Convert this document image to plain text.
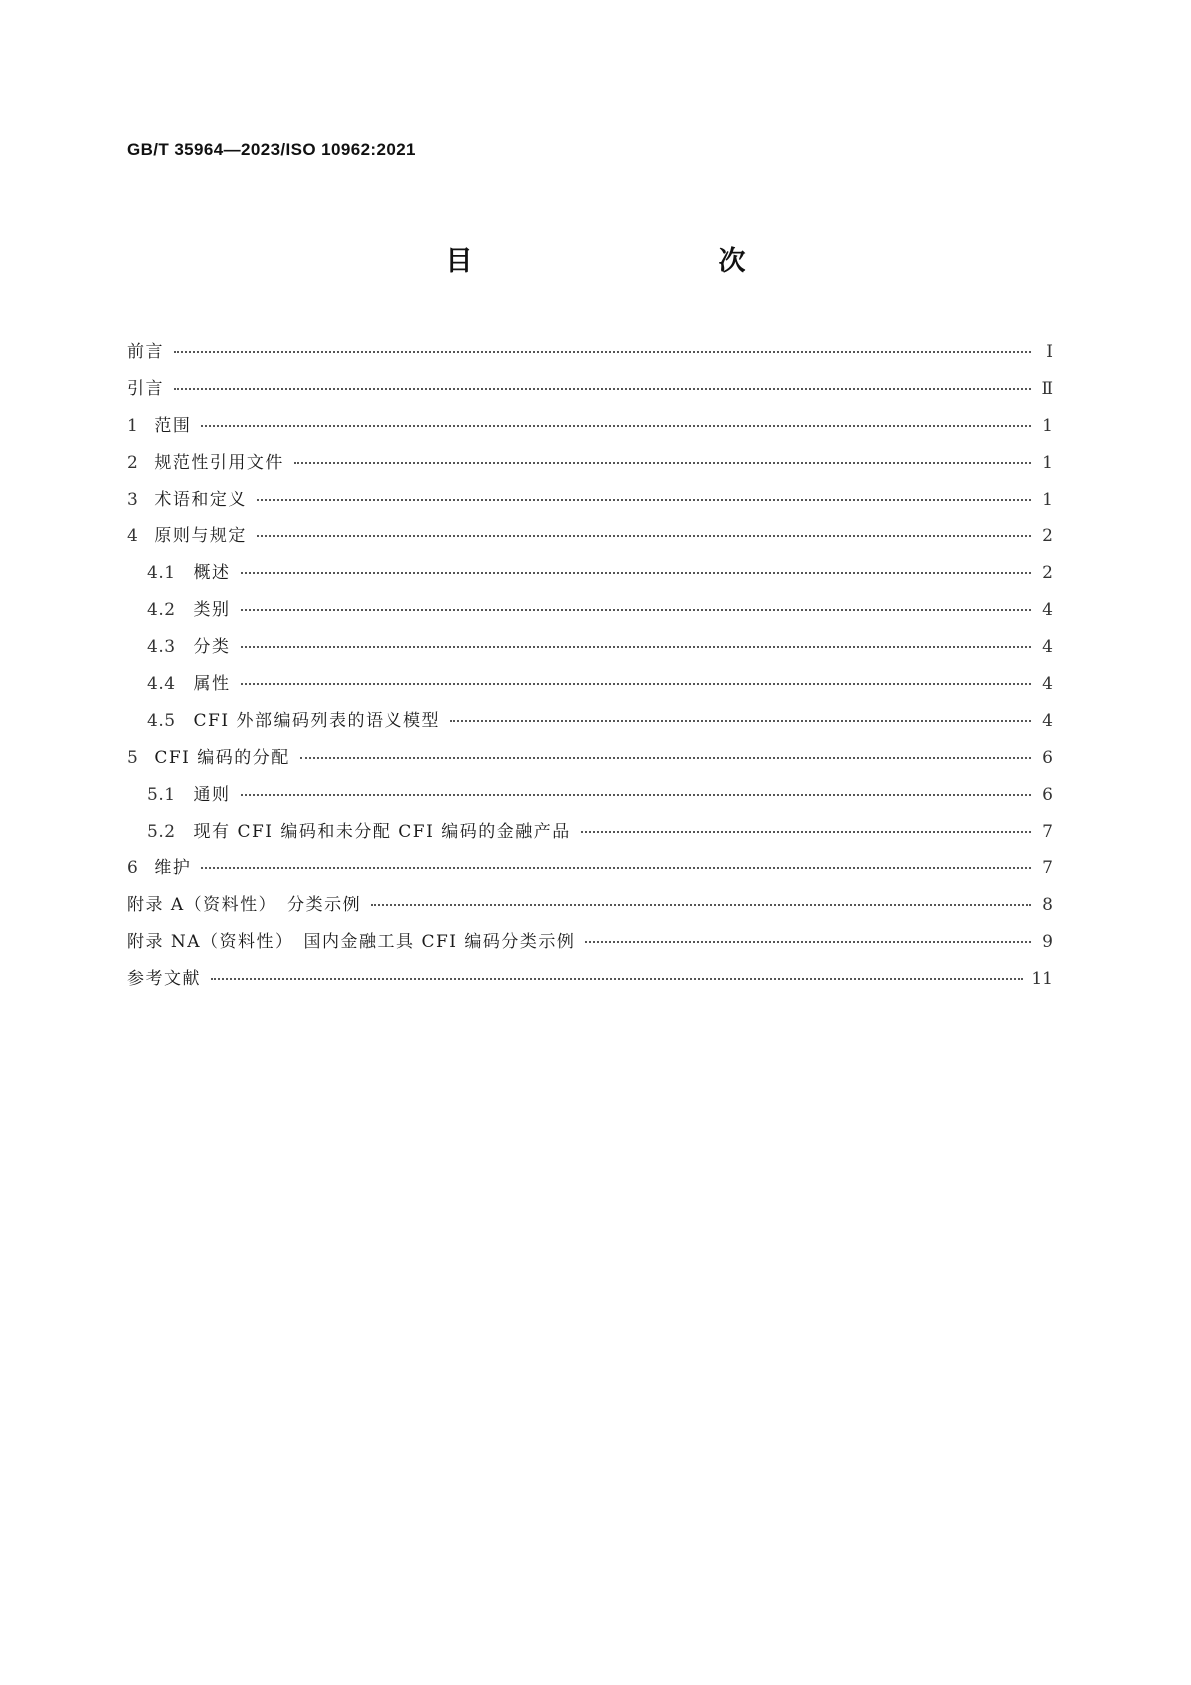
GB/T 35964—2023/ISO 10962:2021

目　　次
前言	Ⅰ
引言	Ⅱ
1 范围	1
2 规范性引用文件	1
3 术语和定义	1
4 原则与规定	2
4.1 概述	2
4.2 类别	4
4.3 分类	4
4.4 属性	4
4.5 CFI 外部编码列表的语义模型	4
5 CFI 编码的分配	6
5.1 通则	6
5.2 现有 CFI 编码和未分配 CFI 编码的金融产品	7
6 维护	7
附录 A（资料性）　分类示例	8
附录 NA（资料性）　国内金融工具 CFI 编码分类示例	9
参考文献	11
